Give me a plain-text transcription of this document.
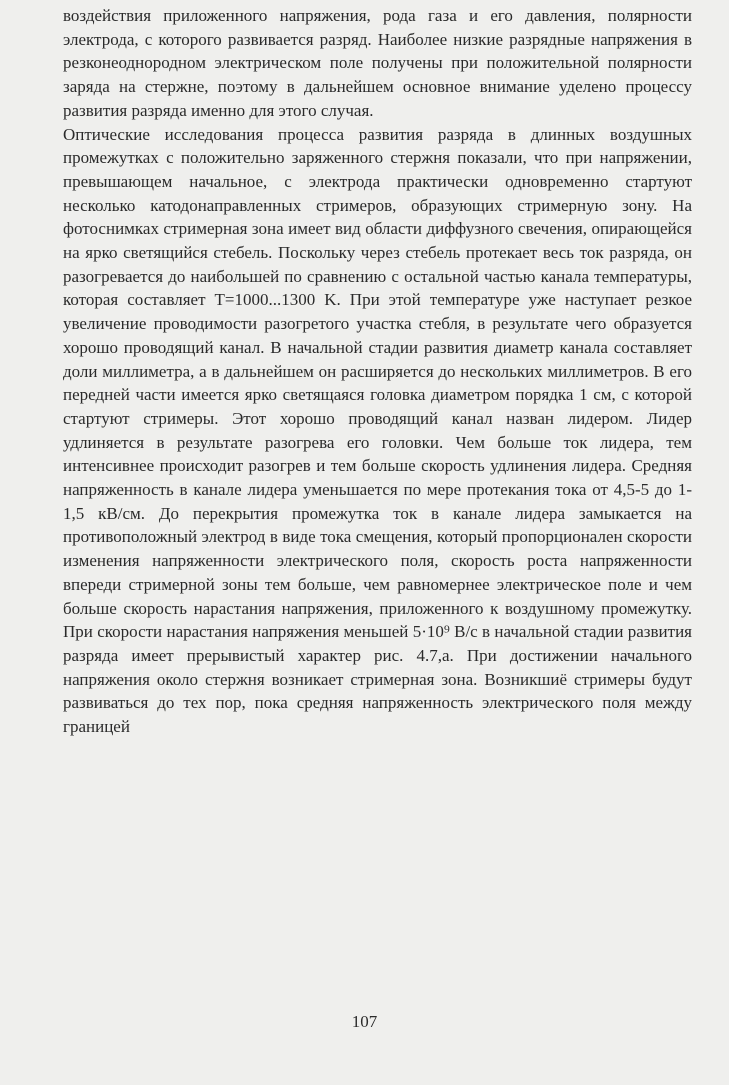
воздействия приложенного напряжения, рода газа и его давления, полярности электрода, с которого развивается разряд. Наиболее низкие разрядные напряжения в резконеоднородном электрическом поле получены при положительной полярности заряда на стержне, поэтому в дальнейшем основное внимание уделено процессу развития разряда именно для этого случая.

Оптические исследования процесса развития разряда в длинных воздушных промежутках с положительно заряженного стержня показали, что при напряжении, превышающем начальное, с электрода практически одновременно стартуют несколько катодонаправленных стримеров, образующих стримерную зону. На фотоснимках стримерная зона имеет вид области диффузного свечения, опирающейся на ярко светящийся стебель. Поскольку через стебель протекает весь ток разряда, он разогревается до наибольшей по сравнению с остальной частью канала температуры, которая составляет T=1000...1300 K. При этой температуре уже наступает резкое увеличение проводимости разогретого участка стебля, в результате чего образуется хорошо проводящий канал. В начальной стадии развития диаметр канала составляет доли миллиметра, а в дальнейшем он расширяется до нескольких миллиметров. В его передней части имеется ярко светящаяся головка диаметром порядка 1 см, с которой стартуют стримеры. Этот хорошо проводящий канал назван лидером. Лидер удлиняется в результате разогрева его головки. Чем больше ток лидера, тем интенсивнее происходит разогрев и тем больше скорость удлинения лидера. Средняя напряженность в канале лидера уменьшается по мере протекания тока от 4,5-5 до 1-1,5 кВ/см. До перекрытия промежутка ток в канале лидера замыкается на противоположный электрод в виде тока смещения, который пропорционален скорости изменения напряженности электрического поля, скорость роста напряженности впереди стримерной зоны тем больше, чем равномернее электрическое поле и чем больше скорость нарастания напряжения, приложенного к воздушному промежутку. При скорости нарастания напряжения меньшей 5·10⁹ В/с в начальной стадии развития разряда имеет прерывистый характер рис. 4.7,а. При достижении начального напряжения около стержня возникает стримерная зона. Возникшиё стримеры будут развиваться до тех пор, пока средняя напряженность электрического поля между границей

107
